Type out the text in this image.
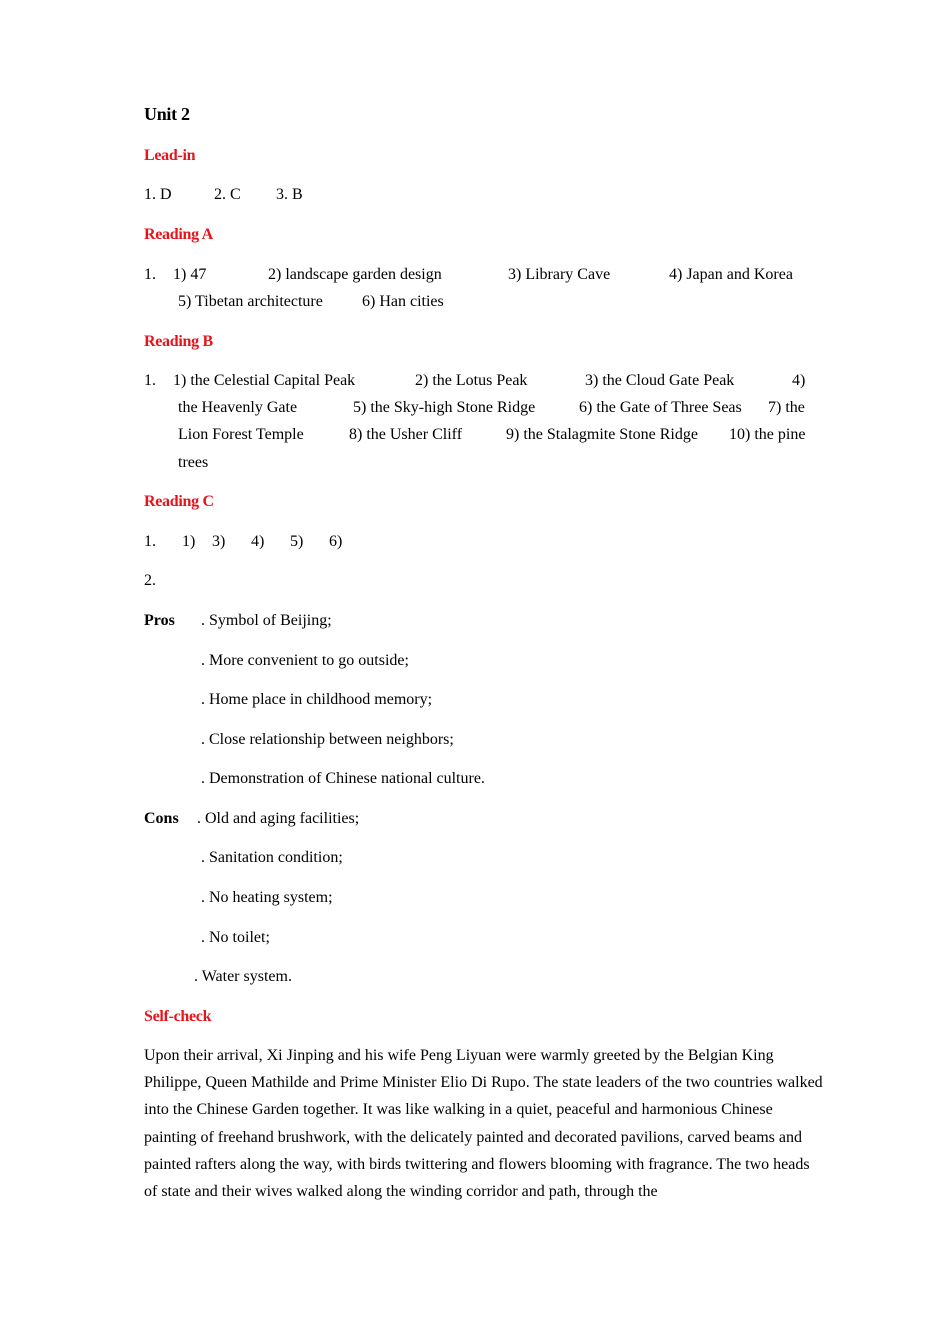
Unit 2
Lead-in
1. D	2. C 3. B
Reading A
1. 1) 47	2) landscape garden design	3) Library Cave	4) Japan and Korea
5) Tibetan architecture 6) Han cities
Reading B
1. 1) the Celestial Capital Peak	2) the Lotus Peak	3) the Cloud Gate Peak	4)
the Heavenly Gate	5) the Sky-high Stone Ridge	6) the Gate of Three Seas 7) the
Lion Forest Temple	8) the Usher Cliff	9) the Stalagmite Stone Ridge 10) the pine
trees
Reading C
1. 1) 3) 4) 5) 6)
2.
Pros . Symbol of Beijing;
. More convenient to go outside;
. Home place in childhood memory;
. Close relationship between neighbors;
. Demonstration of Chinese national culture.
Cons . Old and aging facilities;
. Sanitation condition;
. No heating system;
. No toilet;
. Water system.
Self-check
Upon their arrival, Xi Jinping and his wife Peng Liyuan were warmly greeted by the Belgian King Philippe, Queen Mathilde and Prime Minister Elio Di Rupo. The state leaders of the two countries walked into the Chinese Garden together. It was like walking in a quiet, peaceful and harmonious Chinese painting of freehand brushwork, with the delicately painted and decorated pavilions, carved beams and painted rafters along the way, with birds twittering and flowers blooming with fragrance. The two heads of state and their wives walked along the winding corridor and path, through the
